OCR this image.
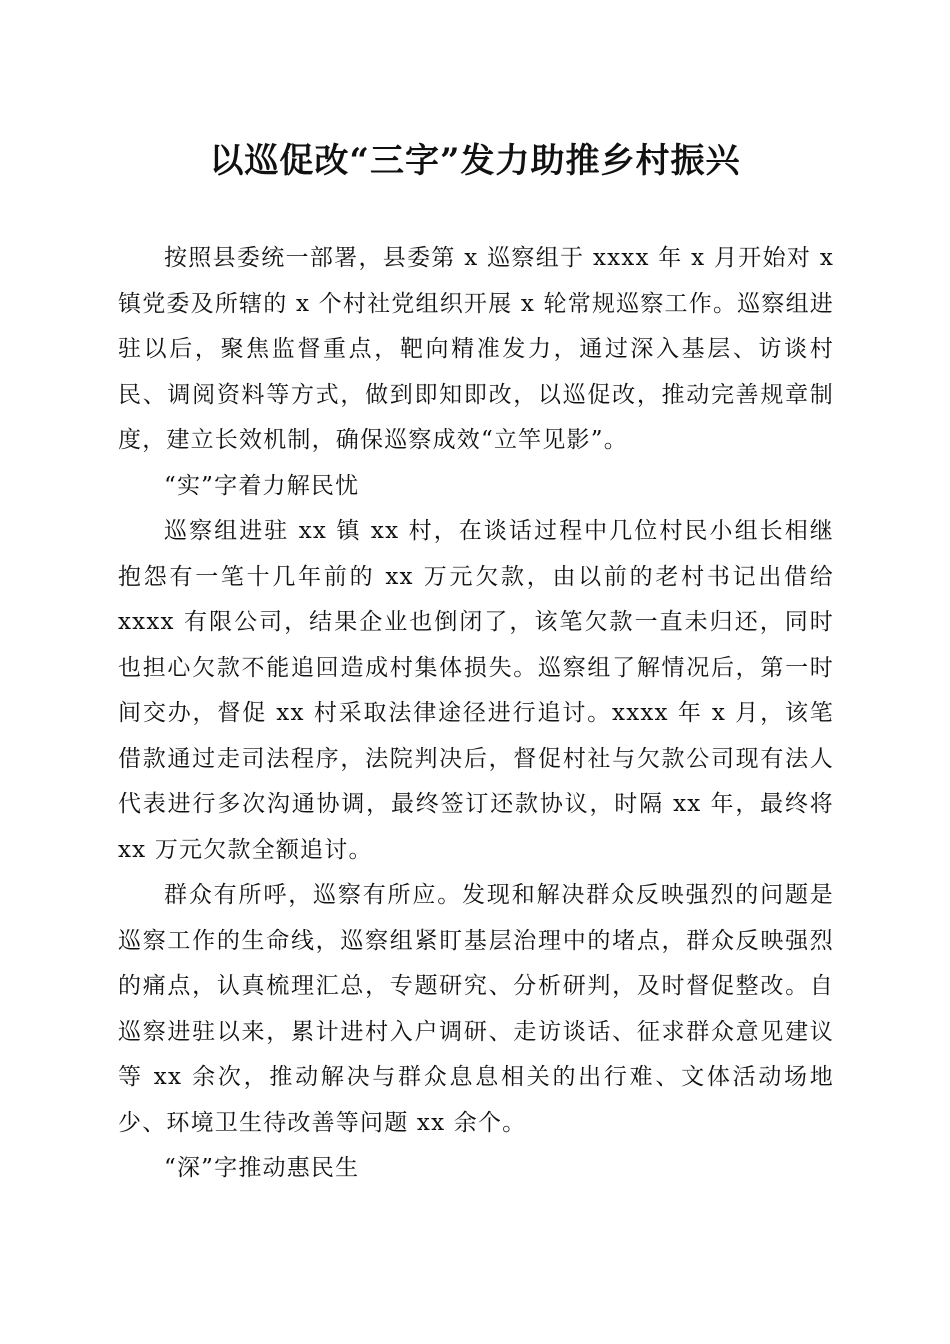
以巡促改“三字”发力助推乡村振兴

按照县委统一部署，县委第 x 巡察组于 xxxx 年 x 月开始对 x 镇党委及所辖的 x 个村社党组织开展 x 轮常规巡察工作。巡察组进驻以后，聚焦监督重点，靶向精准发力，通过深入基层、访谈村民、调阅资料等方式，做到即知即改，以巡促改，推动完善规章制度，建立长效机制，确保巡察成效“立竿见影”。

“实”字着力解民忧

巡察组进驻 xx 镇 xx 村，在谈话过程中几位村民小组长相继抱怨有一笔十几年前的 xx 万元欠款，由以前的老村书记出借给 xxxx 有限公司，结果企业也倒闭了，该笔欠款一直未归还，同时也担心欠款不能追回造成村集体损失。巡察组了解情况后，第一时间交办，督促 xx 村采取法律途径进行追讨。xxxx 年 x 月，该笔借款通过走司法程序，法院判决后，督促村社与欠款公司现有法人代表进行多次沟通协调，最终签订还款协议，时隔 xx 年，最终将 xx 万元欠款全额追讨。

群众有所呼，巡察有所应。发现和解决群众反映强烈的问题是巡察工作的生命线，巡察组紧盯基层治理中的堵点，群众反映强烈的痛点，认真梳理汇总，专题研究、分析研判，及时督促整改。自巡察进驻以来，累计进村入户调研、走访谈话、征求群众意见建议等 xx 余次，推动解决与群众息息相关的出行难、文体活动场地少、环境卫生待改善等问题 xx 余个。

“深”字推动惠民生
